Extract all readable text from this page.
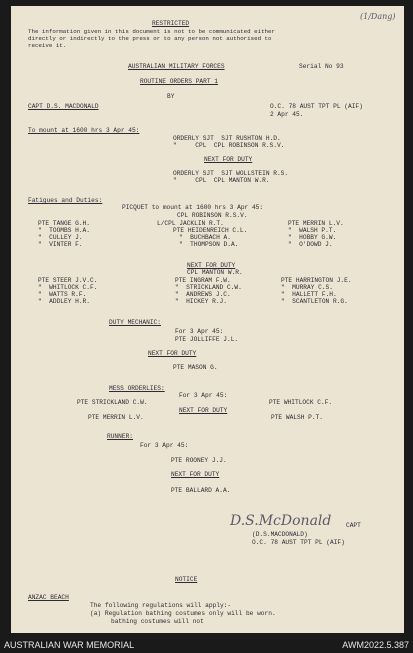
(1/Dang)
RESTRICTED
The information given in this document is not to be communicated either
directly or indirectly to the press or to any person not authorised to
receive it.
AUSTRALIAN MILITARY FORCES	Serial No 93
ROUTINE ORDERS PART 1
BY
CAPT D.S. MACDONALD	O.C. 78 AUST TPT PL (AIF)
2 Apr 45.
To mount at 1600 hrs 3 Apr 45:
ORDERLY SJT  SJT RUSHTON H.D.
"     CPL  CPL ROBINSON R.S.V.
NEXT FOR DUTY
ORDERLY SJT  SJT WOLLSTEIN R.S.
"     CPL  CPL MANTON W.R.
Fatigues and Duties:
PICQUET to mount at 1600 hrs 3 Apr 45:
CPL ROBINSON R.S.V.
PTE TANGE G.H.
"  TOOMBS H.A.
"  CULLEY J.
"  VINTER F.
L/CPL JACKLIN R.T.
PTE HEIDENREICH C.L.
"  BUCHBACH A.
"  THOMPSON D.A.
PTE MERRIN L.V.
"  WALSH P.T.
"  HOBBY G.W.
"  O'DOWD J.
NEXT FOR DUTY
CPL MANTON W.R.
PTE STEER J.V.C.
"  WHITLOCK C.F.
"  WATTS R.F.
"  ADDLEY H.R.
PTE INGRAM F.W.
"  STRICKLAND C.W.
"  ANDREWS J.C.
"  HICKEY R.J.
PTE HARRINGTON J.E.
"  MURRAY C.S.
"  HALLETT F.H.
"  SCANTLETON R.G.
DUTY MECHANIC:
For 3 Apr 45:
PTE JOLLIFFE J.L.
NEXT FOR DUTY
PTE MASON G.
MESS ORDERLIES:
For 3 Apr 45:
PTE STRICKLAND C.W.	PTE WHITLOCK C.F.
NEXT FOR DUTY
PTE MERRIN L.V.	PTE WALSH P.T.
RUNNER:
For 3 Apr 45:
PTE ROONEY J.J.
NEXT FOR DUTY
PTE BALLARD A.A.
D.S.McDonald CAPT
(D.S.MACDONALD)
O.C. 78 AUST TPT PL (AIF)
NOTICE
ANZAC BEACH
The following regulations will apply:-
(a) Regulation bathing costumes only will be worn.
bathing costumes will not
AUSTRALIAN WAR MEMORIAL	AWM2022.5.387
